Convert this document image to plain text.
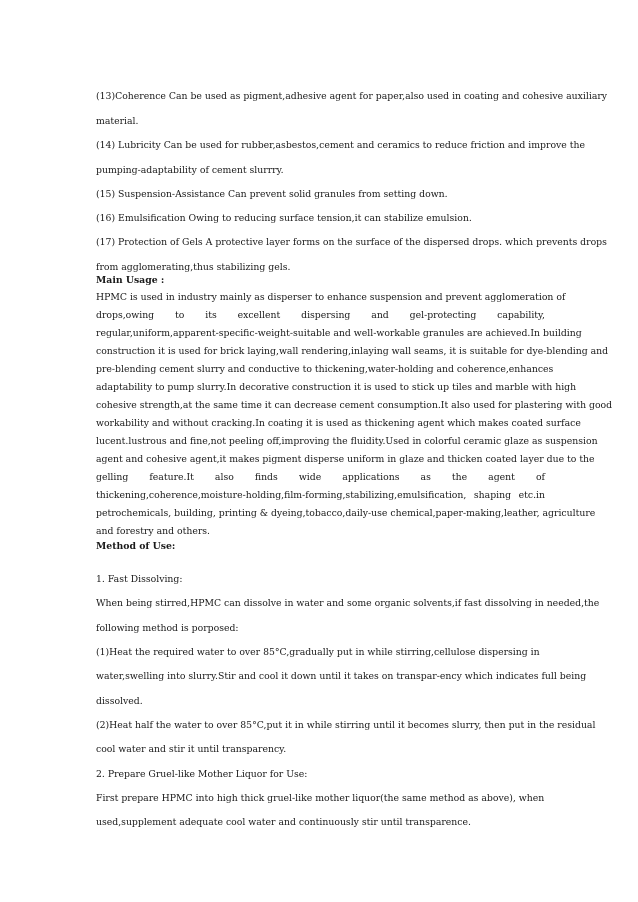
(13)Coherence Can be used as pigment,adhesive agent for paper,also used in coating and cohesive auxiliary
material.
(14) Lubricity Can be used for rubber,asbestos,cement and ceramics to reduce friction and improve the
pumping-adaptability of cement slurrry.
(15) Suspension-Assistance Can prevent solid granules from setting down.
(16) Emulsification Owing to reducing surface tension,it can stabilize emulsion.
(17) Protection of Gels A protective layer forms on the surface of the dispersed drops. which prevents drops
from agglomerating,thus stabilizing gels.
Main Usage :
HPMC is used in industry mainly as disperser to enhance suspension and prevent agglomeration of
drops,owing to its excellent dispersing and gel-protecting capability,
regular,uniform,apparent-specific-weight-suitable and well-workable granules are achieved.In building
construction it is used for brick laying,wall rendering,inlaying wall seams, it is suitable for dye-blending and
pre-blending cement slurry and conductive to thickening,water-holding and coherence,enhances
adaptability to pump slurry.In decorative construction it is used to stick up tiles and marble with high
cohesive strength,at the same time it can decrease cement consumption.It also used for plastering with good
workability and without cracking.In coating it is used as thickening agent which makes coated surface
lucent.lustrous and fine,not peeling off,improving the fluidity.Used in colorful ceramic glaze as suspension
agent and cohesive agent,it makes pigment disperse uniform in glaze and thicken coated layer due to the
gelling feature.It also finds wide applications as the agent of
thickening,coherence,moisture-holding,film-forming,stabilizing,emulsification, shaping etc.in
petrochemicals, building, printing & dyeing,tobacco,daily-use chemical,paper-making,leather, agriculture
and forestry and others.
Method of Use:
1. Fast Dissolving:
When being stirred,HPMC can dissolve in water and some organic solvents,if fast dissolving in needed,the
following method is porposed:
(1)Heat the required water to over 85°C,gradually put in while stirring,cellulose dispersing in
water,swelling into slurry.Stir and cool it down until it takes on transpar-ency which indicates full being
dissolved.
(2)Heat half the water to over 85°C,put it in while stirring until it becomes slurry, then put in the residual
cool water and stir it until transparency.
2. Prepare Gruel-like Mother Liquor for Use:
First prepare HPMC into high thick gruel-like mother liquor(the same method as above), when
used,supplement adequate cool water and continuously stir until transparence.
